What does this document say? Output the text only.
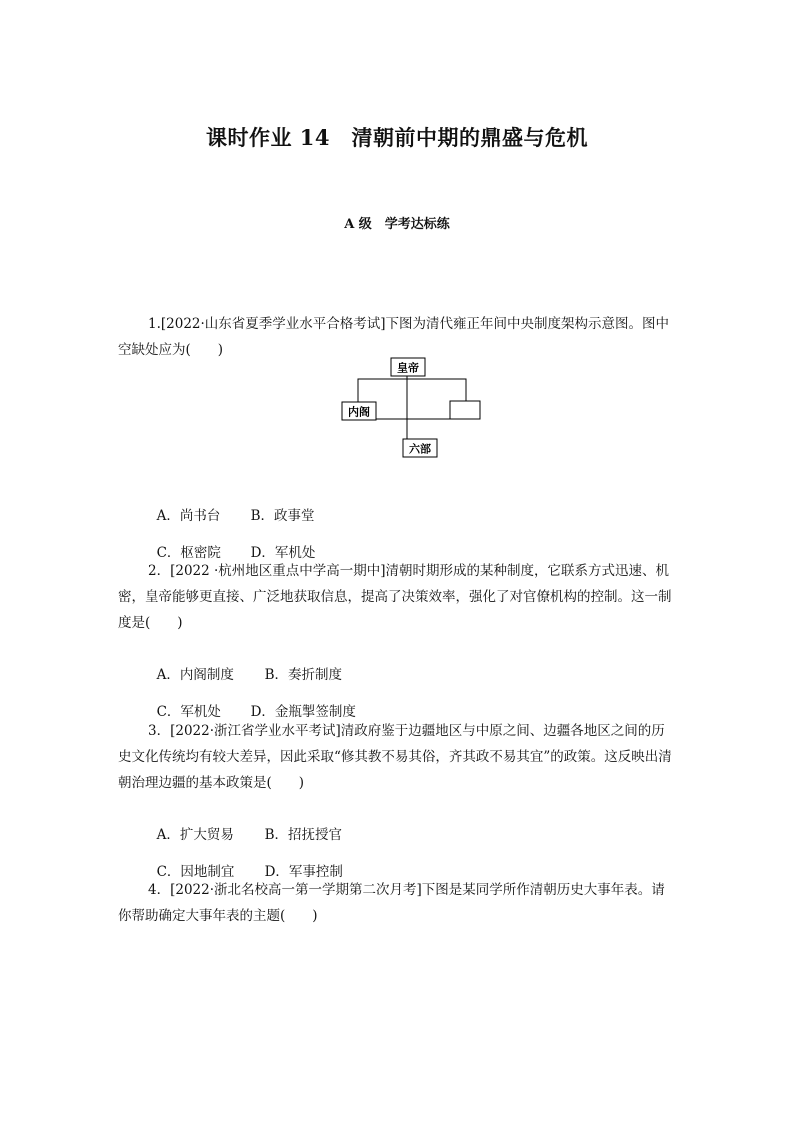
课时作业 14　清朝前中期的鼎盛与危机
A 级　学考达标练

1.[2022·山东省夏季学业水平合格考试]下图为清代雍正年间中央制度架构示意图。图中空缺处应为(　　)

皇帝
内阁
六部

A．尚书台 B．政事堂

C．枢密院 D．军机处

2．[2022 ·杭州地区重点中学高一期中]清朝时期形成的某种制度，它联系方式迅速、机密，皇帝能够更直接、广泛地获取信息，提高了决策效率，强化了对官僚机构的控制。这一制度是(　　)

A．内阁制度 B．奏折制度

C．军机处 D．金瓶掣签制度

3．[2022·浙江省学业水平考试]清政府鉴于边疆地区与中原之间、边疆各地区之间的历史文化传统均有较大差异，因此采取“修其教不易其俗，齐其政不易其宜”的政策。这反映出清朝治理边疆的基本政策是(　　)

A．扩大贸易 B．招抚授官

C．因地制宜 D．军事控制

4．[2022·浙北名校高一第一学期第二次月考]下图是某同学所作清朝历史大事年表。请你帮助确定大事年表的主题(　　)
